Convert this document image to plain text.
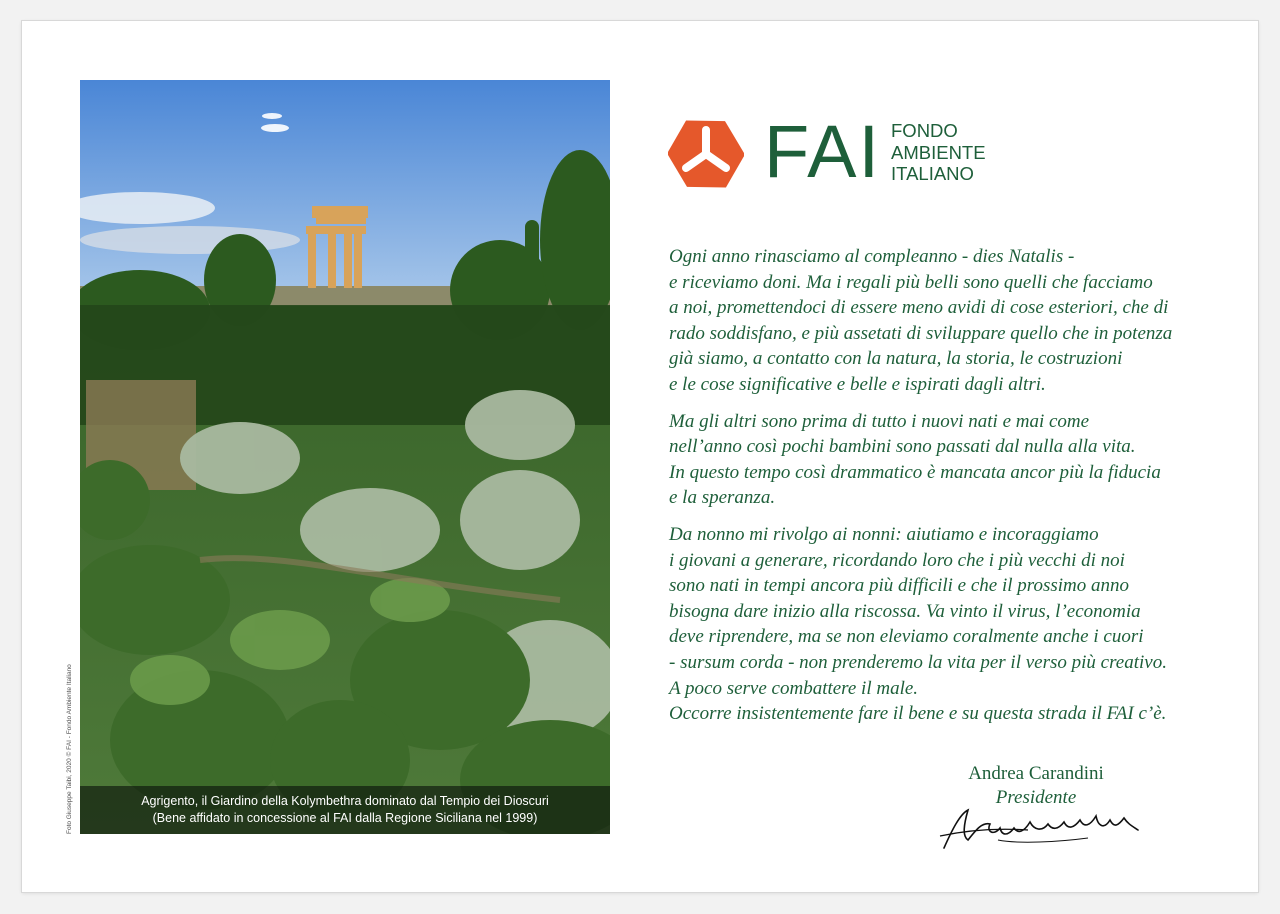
Agrigento, il Giardino della Kolymbethra dominato dal Tempio dei Dioscuri
(Bene affidato in concessione al FAI dalla Regione Siciliana nel 1999)
Foto Giuseppe Taibi, 2020 © FAI - Fondo Ambiente Italiano
FAI FONDO
AMBIENTE
ITALIANO

Ogni anno rinasciamo al compleanno - dies Natalis -
e riceviamo doni. Ma i regali più belli sono quelli che facciamo
a noi, promettendoci di essere meno avidi di cose esteriori, che di
rado soddisfano, e più assetati di sviluppare quello che in potenza
già siamo, a contatto con la natura, la storia, le costruzioni
e le cose significative e belle e ispirati dagli altri.

Ma gli altri sono prima di tutto i nuovi nati e mai come
nell’anno così pochi bambini sono passati dal nulla alla vita.
In questo tempo così drammatico è mancata ancor più la fiducia
e la speranza.

Da nonno mi rivolgo ai nonni: aiutiamo e incoraggiamo
i giovani a generare, ricordando loro che i più vecchi di noi
sono nati in tempi ancora più difficili e che il prossimo anno
bisogna dare inizio alla riscossa. Va vinto il virus, l’economia
deve riprendere, ma se non eleviamo coralmente anche i cuori
- sursum corda - non prenderemo la vita per il verso più creativo.
A poco serve combattere il male.
Occorre insistentemente fare il bene e su questa strada il FAI c’è.

Andrea Carandini
Presidente
